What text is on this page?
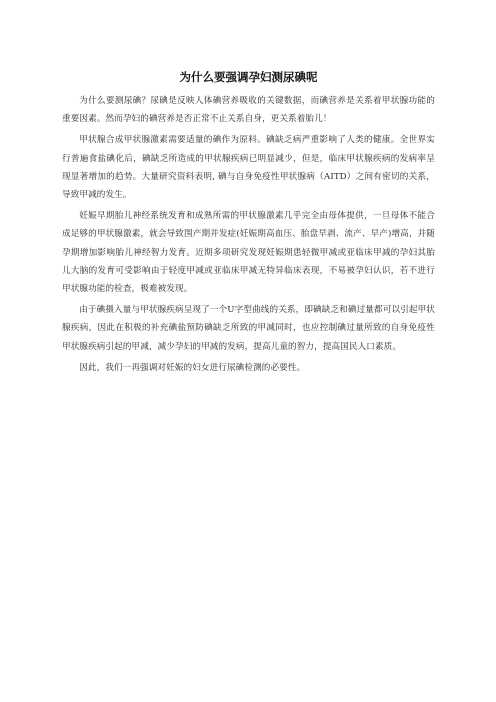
为什么要强调孕妇测尿碘呢

为什么要测尿碘？尿碘是反映人体碘营养吸收的关键数据，而碘营养是关系着甲状腺功能的重要因素。然而孕妇的碘营养是否正常不止关系自身，更关系着胎儿！

甲状腺合成甲状腺激素需要适量的碘作为原料。碘缺乏病严重影响了人类的健康。全世界实行普遍食盐碘化后，碘缺乏所造成的甲状腺疾病已明显减少，但是，临床甲状腺疾病的发病率呈现显著增加的趋势。大量研究资料表明, 碘与自身免疫性甲状腺病（AITD）之间有密切的关系，导致甲减的发生。

妊娠早期胎儿神经系统发育和成熟所需的甲状腺激素几乎完全由母体提供，一旦母体不能合成足够的甲状腺激素，就会导致围产期并发症(妊娠期高血压、胎盘早剥、流产、早产)增高，并随孕期增加影响胎儿神经智力发育。近期多项研究发现妊娠期患轻微甲减或亚临床甲减的孕妇其胎儿大脑的发育可受影响由于轻度甲减或亚临床甲减无特异临床表现，不易被孕妇认识，若不进行甲状腺功能的检查，极难被发现。

由于碘摄入量与甲状腺疾病呈现了一个U字型曲线的关系，即碘缺乏和碘过量都可以引起甲状腺疾病，因此在积极的补充碘盐预防碘缺乏所致的甲减同时，也应控制碘过量所致的自身免疫性甲状腺疾病引起的甲减，减少孕妇的甲减的发病，提高儿童的智力，提高国民人口素质。

因此，我们一再强调对妊娠的妇女进行尿碘检测的必要性。
